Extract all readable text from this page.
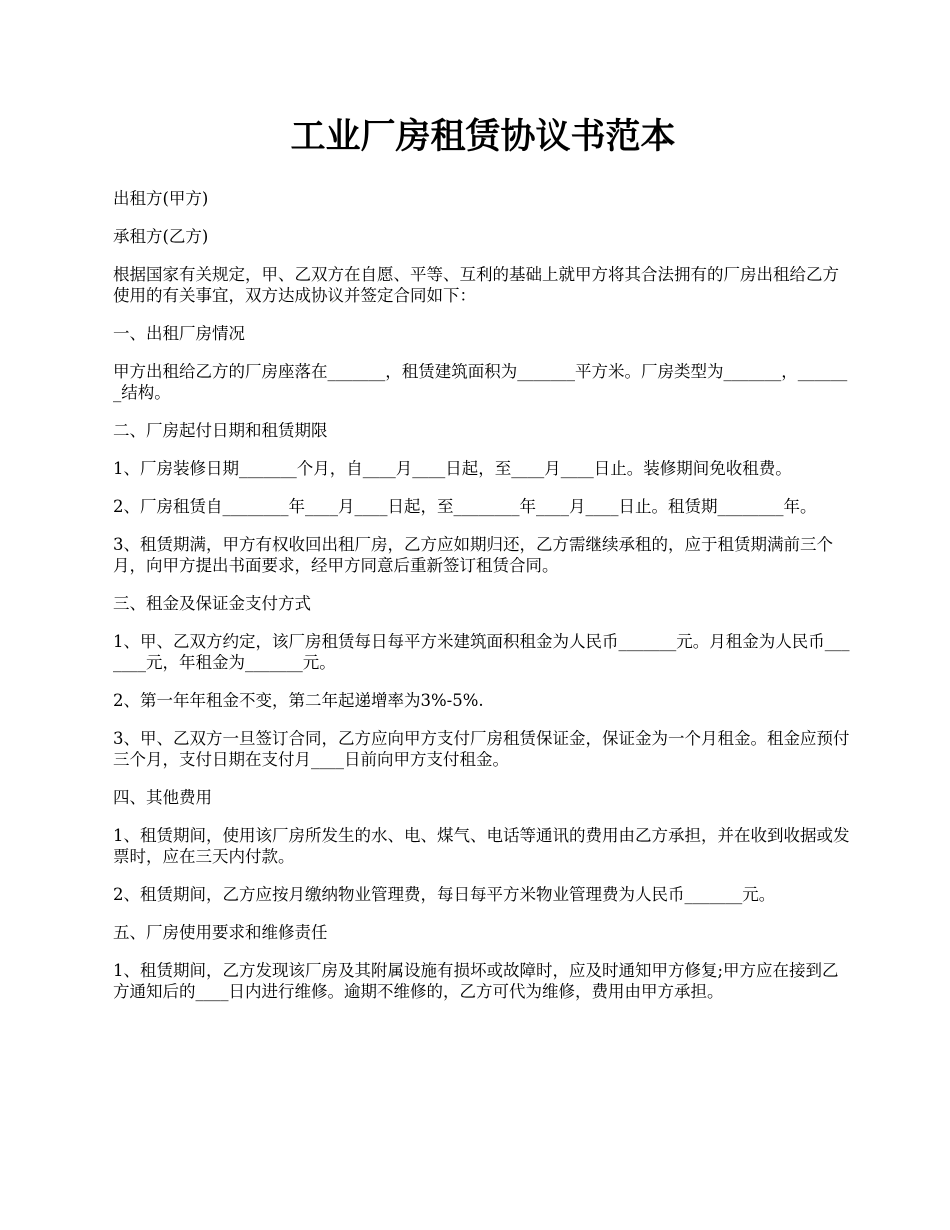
工业厂房租赁协议书范本

出租方(甲方)

承租方(乙方)

根据国家有关规定，甲、乙双方在自愿、平等、互利的基础上就甲方将其合法拥有的厂房出租给乙方使用的有关事宜，双方达成协议并签定合同如下：

一、出租厂房情况

甲方出租给乙方的厂房座落在_______，租赁建筑面积为_______平方米。厂房类型为_______，_______结构。

二、厂房起付日期和租赁期限

1、厂房装修日期_______个月，自____月____日起，至____月____日止。装修期间免收租费。

2、厂房租赁自________年____月____日起，至________年____月____日止。租赁期________年。

3、租赁期满，甲方有权收回出租厂房，乙方应如期归还，乙方需继续承租的，应于租赁期满前三个月，向甲方提出书面要求，经甲方同意后重新签订租赁合同。

三、租金及保证金支付方式

1、甲、乙双方约定，该厂房租赁每日每平方米建筑面积租金为人民币_______元。月租金为人民币_______元，年租金为_______元。

2、第一年年租金不变，第二年起递增率为3%-5%.

3、甲、乙双方一旦签订合同，乙方应向甲方支付厂房租赁保证金，保证金为一个月租金。租金应预付三个月，支付日期在支付月____日前向甲方支付租金。

四、其他费用

1、租赁期间，使用该厂房所发生的水、电、煤气、电话等通讯的费用由乙方承担，并在收到收据或发票时，应在三天内付款。

2、租赁期间，乙方应按月缴纳物业管理费，每日每平方米物业管理费为人民币_______元。

五、厂房使用要求和维修责任

1、租赁期间，乙方发现该厂房及其附属设施有损坏或故障时，应及时通知甲方修复;甲方应在接到乙方通知后的____日内进行维修。逾期不维修的，乙方可代为维修，费用由甲方承担。
